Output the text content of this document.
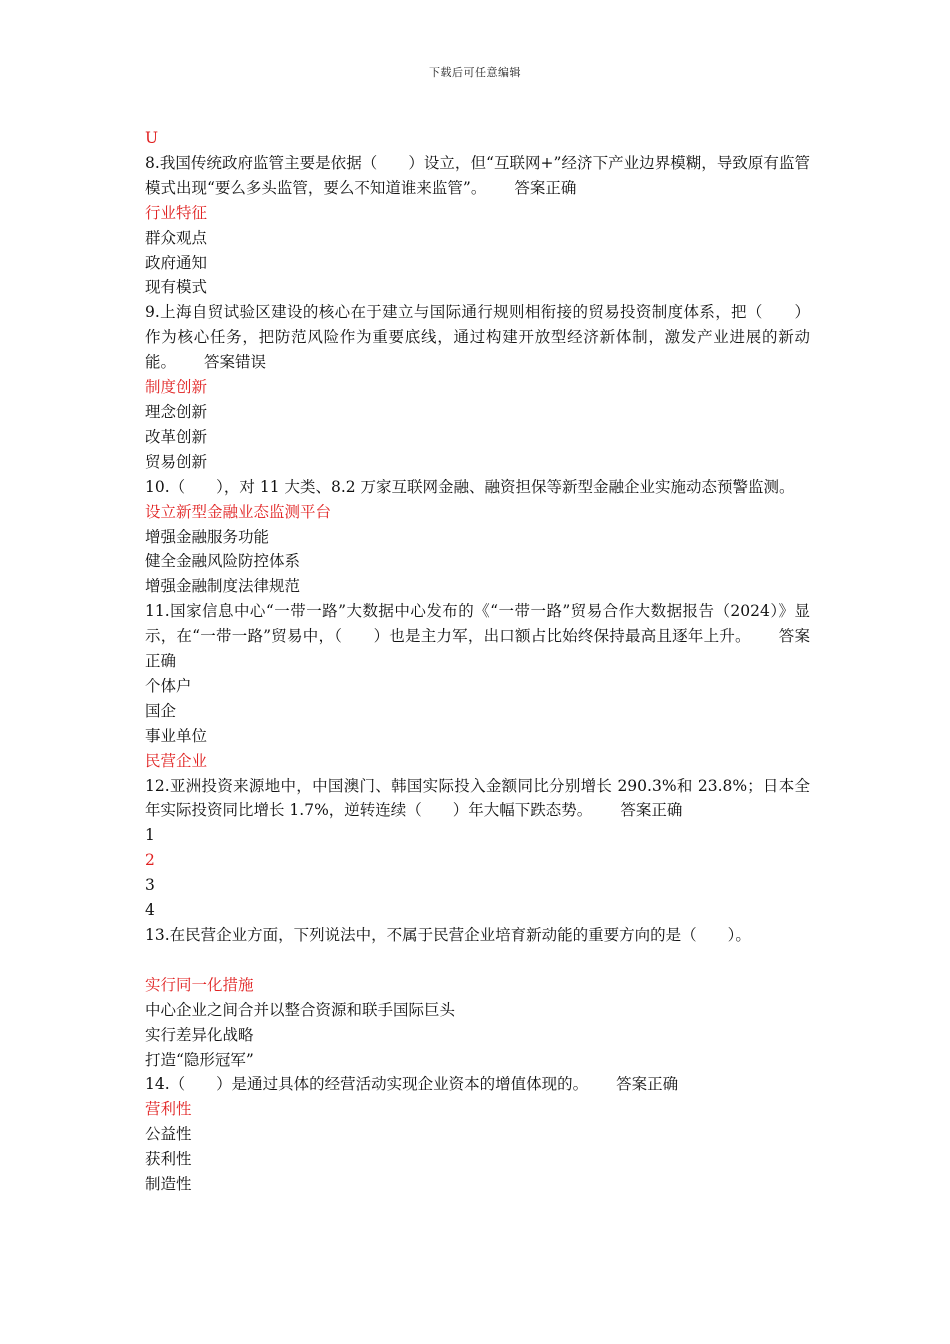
下载后可任意编辑

U

8.我国传统政府监管主要是依据（　　）设立，但“互联网+”经济下产业边界模糊，导致原有监管模式出现“要么多头监管，要么不知道谁来监管”。 答案正确

行业特征

群众观点

政府通知

现有模式

9.上海自贸试验区建设的核心在于建立与国际通行规则相衔接的贸易投资制度体系，把（　　）作为核心任务，把防范风险作为重要底线，通过构建开放型经济新体制，激发产业进展的新动能。 答案错误

制度创新

理念创新

改革创新

贸易创新

10.（　　），对 11 大类、8.2 万家互联网金融、融资担保等新型金融企业实施动态预警监测。

设立新型金融业态监测平台

增强金融服务功能

健全金融风险防控体系

增强金融制度法律规范

11.国家信息中心“一带一路”大数据中心发布的《“一带一路”贸易合作大数据报告（2024）》显示，在“一带一路”贸易中，（　　）也是主力军，出口额占比始终保持最高且逐年上升。 答案正确

个体户

国企

事业单位

民营企业

12.亚洲投资来源地中，中国澳门、韩国实际投入金额同比分别增长 290.3%和 23.8%；日本全年实际投资同比增长 1.7%，逆转连续（　　）年大幅下跌态势。 答案正确

1

2

3

4

13.在民营企业方面，下列说法中，不属于民营企业培育新动能的重要方向的是（　　）。

实行同一化措施

中心企业之间合并以整合资源和联手国际巨头

实行差异化战略

打造“隐形冠军”

14.（　　）是通过具体的经营活动实现企业资本的增值体现的。 答案正确

营利性

公益性

获利性

制造性
